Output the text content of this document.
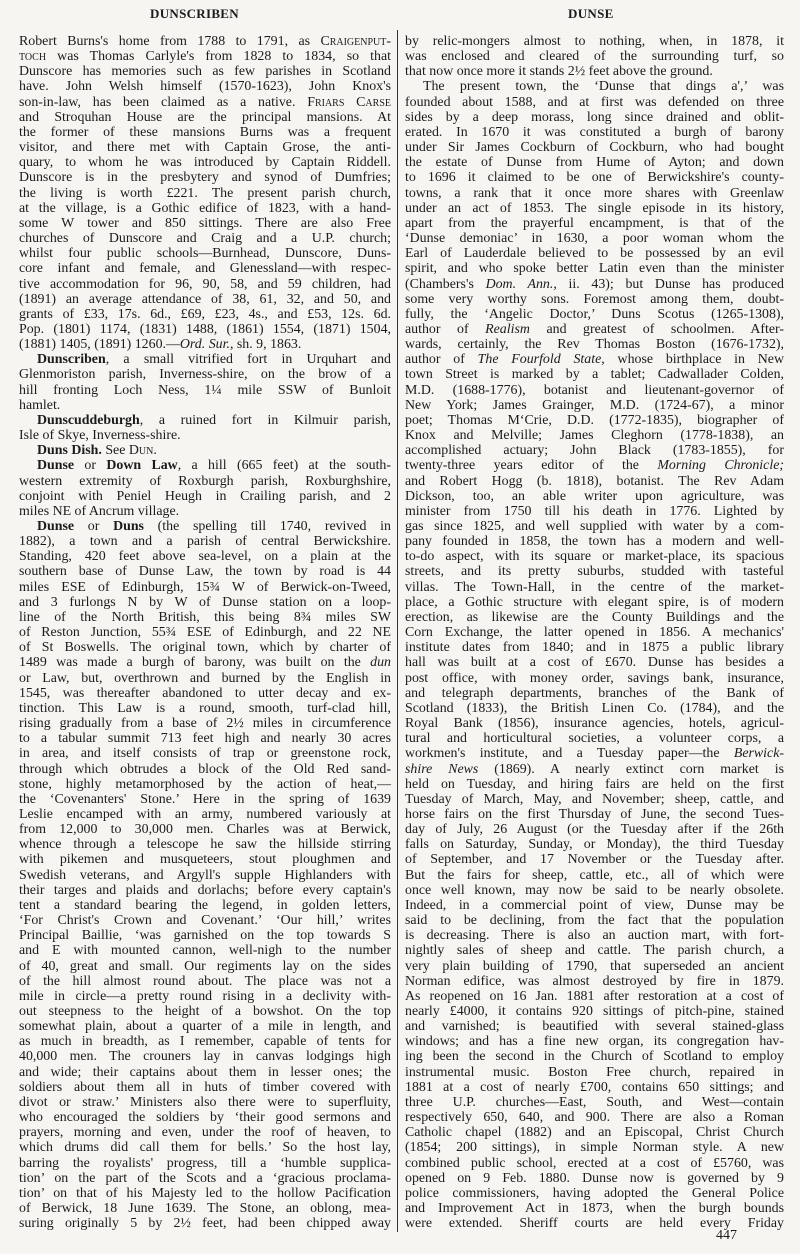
DUNSCRIBEN	DUNSE
Robert Burns's home from 1788 to 1791, as Craigenput-
toch was Thomas Carlyle's from 1828 to 1834, so that
Dunscore has memories such as few parishes in Scotland
have. John Welsh himself (1570-1623), John Knox's
son-in-law, has been claimed as a native. Friars Carse
and Stroquhan House are the principal mansions. At
the former of these mansions Burns was a frequent
visitor, and there met with Captain Grose, the anti-
quary, to whom he was introduced by Captain Riddell.
Dunscore is in the presbytery and synod of Dumfries;
the living is worth £221. The present parish church,
at the village, is a Gothic edifice of 1823, with a hand-
some W tower and 850 sittings. There are also Free
churches of Dunscore and Craig and a U.P. church;
whilst four public schools—Burnhead, Dunscore, Duns-
core infant and female, and Glenessland—with respec-
tive accommodation for 96, 90, 58, and 59 children, had
(1891) an average attendance of 38, 61, 32, and 50, and
grants of £33, 17s. 6d., £69, £23, 4s., and £53, 12s. 6d.
Pop. (1801) 1174, (1831) 1488, (1861) 1554, (1871) 1504,
(1881) 1405, (1891) 1260.—Ord. Sur., sh. 9, 1863.
Dunscriben, a small vitrified fort in Urquhart and
Glenmoriston parish, Inverness-shire, on the brow of a
hill fronting Loch Ness, 1¼ mile SSW of Bunloit
hamlet.
Dunscuddeburgh, a ruined fort in Kilmuir parish,
Isle of Skye, Inverness-shire.
Duns Dish. See Dun.
Dunse or Down Law, a hill (665 feet) at the south-
western extremity of Roxburgh parish, Roxburghshire,
conjoint with Peniel Heugh in Crailing parish, and 2
miles NE of Ancrum village.
Dunse or Duns (the spelling till 1740, revived in
1882), a town and a parish of central Berwickshire.
Standing, 420 feet above sea-level, on a plain at the
southern base of Dunse Law, the town by road is 44
miles ESE of Edinburgh, 15¾ W of Berwick-on-Tweed,
and 3 furlongs N by W of Dunse station on a loop-
line of the North British, this being 8¾ miles SW
of Reston Junction, 55¾ ESE of Edinburgh, and 22 NE
of St Boswells. The original town, which by charter of
1489 was made a burgh of barony, was built on the dun
or Law, but, overthrown and burned by the English in
1545, was thereafter abandoned to utter decay and ex-
tinction. This Law is a round, smooth, turf-clad hill,
rising gradually from a base of 2½ miles in circumference
to a tabular summit 713 feet high and nearly 30 acres
in area, and itself consists of trap or greenstone rock,
through which obtrudes a block of the Old Red sand-
stone, highly metamorphosed by the action of heat,—
the ‘Covenanters' Stone.’ Here in the spring of 1639
Leslie encamped with an army, numbered variously at
from 12,000 to 30,000 men. Charles was at Berwick,
whence through a telescope he saw the hillside stirring
with pikemen and musqueteers, stout ploughmen and
Swedish veterans, and Argyll's supple Highlanders with
their targes and plaids and dorlachs; before every captain's
tent a standard bearing the legend, in golden letters,
‘For Christ's Crown and Covenant.’ ‘Our hill,’ writes
Principal Baillie, ‘was garnished on the top towards S
and E with mounted cannon, well-nigh to the number
of 40, great and small. Our regiments lay on the sides
of the hill almost round about. The place was not a
mile in circle—a pretty round rising in a declivity with-
out steepness to the height of a bowshot. On the top
somewhat plain, about a quarter of a mile in length, and
as much in breadth, as I remember, capable of tents for
40,000 men. The crouners lay in canvas lodgings high
and wide; their captains about them in lesser ones; the
soldiers about them all in huts of timber covered with
divot or straw.’ Ministers also there were to superfluity,
who encouraged the soldiers by ‘their good sermons and
prayers, morning and even, under the roof of heaven, to
which drums did call them for bells.’ So the host lay,
barring the royalists' progress, till a ‘humble supplica-
tion’ on the part of the Scots and a ‘gracious proclama-
tion’ on that of his Majesty led to the hollow Pacification
of Berwick, 18 June 1639. The Stone, an oblong, mea-
suring originally 5 by 2½ feet, had been chipped away
by relic-mongers almost to nothing, when, in 1878, it
was enclosed and cleared of the surrounding turf, so
that now once more it stands 2½ feet above the ground.
The present town, the ‘Dunse that dings a',’ was
founded about 1588, and at first was defended on three
sides by a deep morass, long since drained and oblit-
erated. In 1670 it was constituted a burgh of barony
under Sir James Cockburn of Cockburn, who had bought
the estate of Dunse from Hume of Ayton; and down
to 1696 it claimed to be one of Berwickshire's county-
towns, a rank that it once more shares with Greenlaw
under an act of 1853. The single episode in its history,
apart from the prayerful encampment, is that of the
‘Dunse demoniac’ in 1630, a poor woman whom the
Earl of Lauderdale believed to be possessed by an evil
spirit, and who spoke better Latin even than the minister
(Chambers's Dom. Ann., ii. 43); but Dunse has produced
some very worthy sons. Foremost among them, doubt-
fully, the ‘Angelic Doctor,’ Duns Scotus (1265-1308),
author of Realism and greatest of schoolmen. After-
wards, certainly, the Rev Thomas Boston (1676-1732),
author of The Fourfold State, whose birthplace in New
town Street is marked by a tablet; Cadwallader Colden,
M.D. (1688-1776), botanist and lieutenant-governor of
New York; James Grainger, M.D. (1724-67), a minor
poet; Thomas M‘Crie, D.D. (1772-1835), biographer of
Knox and Melville; James Cleghorn (1778-1838), an
accomplished actuary; John Black (1783-1855), for
twenty-three years editor of the Morning Chronicle;
and Robert Hogg (b. 1818), botanist. The Rev Adam
Dickson, too, an able writer upon agriculture, was
minister from 1750 till his death in 1776. Lighted by
gas since 1825, and well supplied with water by a com-
pany founded in 1858, the town has a modern and well-
to-do aspect, with its square or market-place, its spacious
streets, and its pretty suburbs, studded with tasteful
villas. The Town-Hall, in the centre of the market-
place, a Gothic structure with elegant spire, is of modern
erection, as likewise are the County Buildings and the
Corn Exchange, the latter opened in 1856. A mechanics'
institute dates from 1840; and in 1875 a public library
hall was built at a cost of £670. Dunse has besides a
post office, with money order, savings bank, insurance,
and telegraph departments, branches of the Bank of
Scotland (1833), the British Linen Co. (1784), and the
Royal Bank (1856), insurance agencies, hotels, agricul-
tural and horticultural societies, a volunteer corps, a
workmen's institute, and a Tuesday paper—the Berwick-
shire News (1869). A nearly extinct corn market is
held on Tuesday, and hiring fairs are held on the first
Tuesday of March, May, and November; sheep, cattle, and
horse fairs on the first Thursday of June, the second Tues-
day of July, 26 August (or the Tuesday after if the 26th
falls on Saturday, Sunday, or Monday), the third Tuesday
of September, and 17 November or the Tuesday after.
But the fairs for sheep, cattle, etc., all of which were
once well known, may now be said to be nearly obsolete.
Indeed, in a commercial point of view, Dunse may be
said to be declining, from the fact that the population
is decreasing. There is also an auction mart, with fort-
nightly sales of sheep and cattle. The parish church, a
very plain building of 1790, that superseded an ancient
Norman edifice, was almost destroyed by fire in 1879.
As reopened on 16 Jan. 1881 after restoration at a cost of
nearly £4000, it contains 920 sittings of pitch-pine, stained
and varnished; is beautified with several stained-glass
windows; and has a fine new organ, its congregation hav-
ing been the second in the Church of Scotland to employ
instrumental music. Boston Free church, repaired in
1881 at a cost of nearly £700, contains 650 sittings; and
three U.P. churches—East, South, and West—contain
respectively 650, 640, and 900. There are also a Roman
Catholic chapel (1882) and an Episcopal, Christ Church
(1854; 200 sittings), in simple Norman style. A new
combined public school, erected at a cost of £5760, was
opened on 9 Feb. 1880. Dunse now is governed by 9
police commissioners, having adopted the General Police
and Improvement Act in 1873, when the burgh bounds
were extended. Sheriff courts are held every Friday
447
